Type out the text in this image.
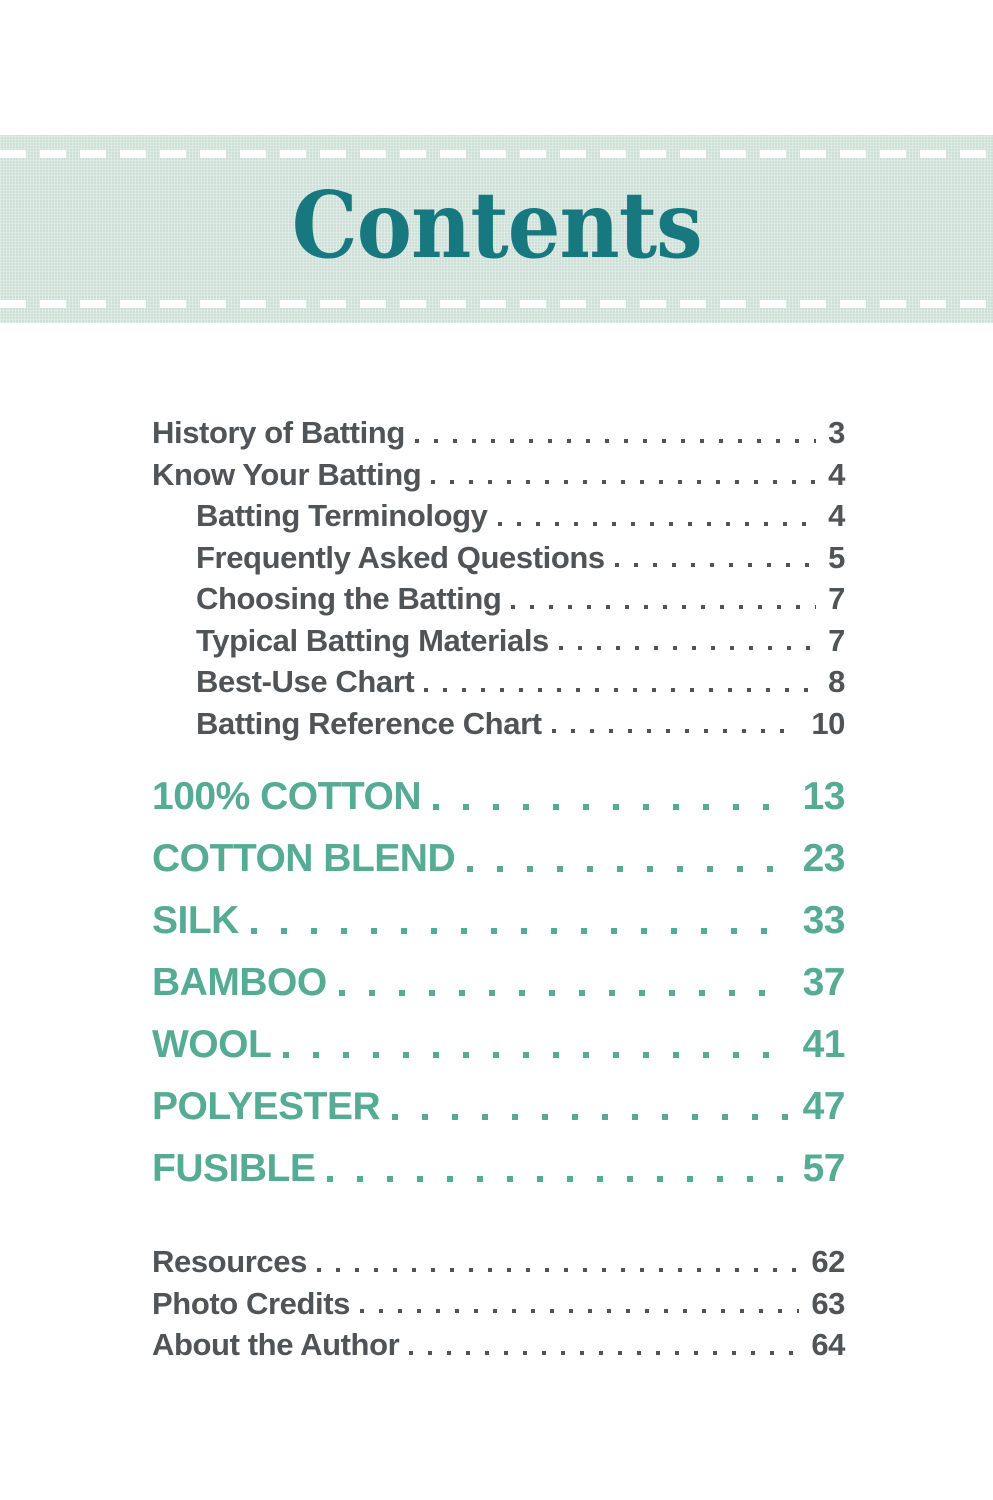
Contents
History of Batting	3
Know Your Batting	4
Batting Terminology	4
Frequently Asked Questions	5
Choosing the Batting	7
Typical Batting Materials	7
Best-Use Chart	8
Batting Reference Chart	10
100% COTTON	13
COTTON BLEND	23
SILK	33
BAMBOO	37
WOOL	41
POLYESTER	47
FUSIBLE	57
Resources	62
Photo Credits	63
About the Author	64
